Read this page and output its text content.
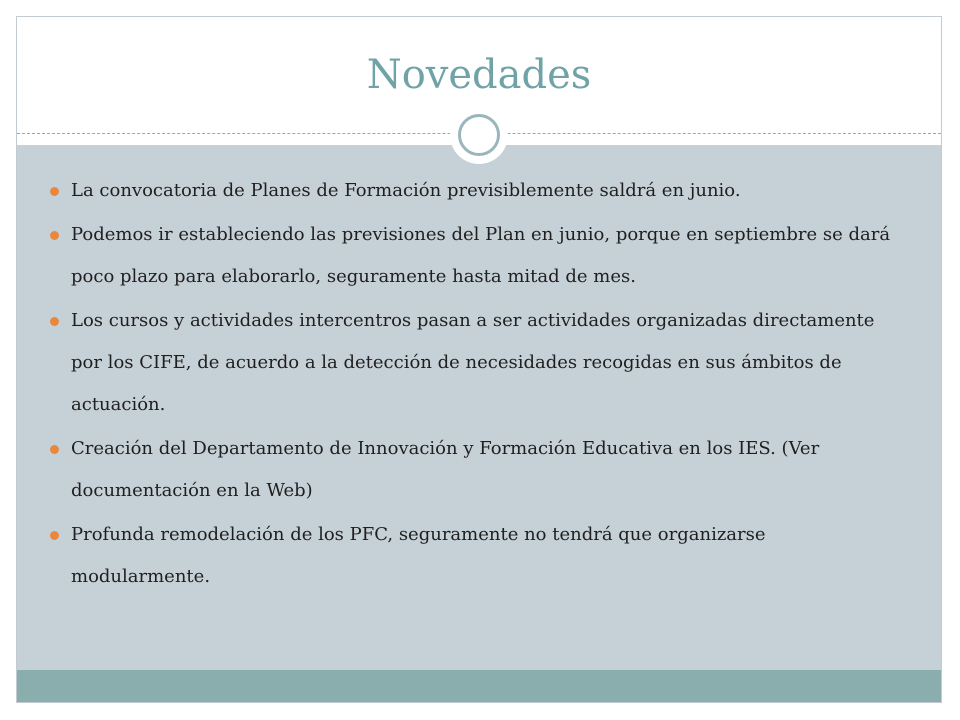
Novedades
La convocatoria de Planes de Formación previsiblemente saldrá en junio.
Podemos ir estableciendo las previsiones del Plan en junio, porque en septiembre se dará poco plazo para elaborarlo, seguramente hasta mitad de mes.
Los cursos y actividades intercentros pasan a ser actividades organizadas directamente por los CIFE, de acuerdo a la detección de necesidades recogidas en sus ámbitos de actuación.
Creación del Departamento de Innovación y Formación Educativa en los IES. (Ver documentación en la Web)
Profunda remodelación de los PFC, seguramente no tendrá que organizarse modularmente.
